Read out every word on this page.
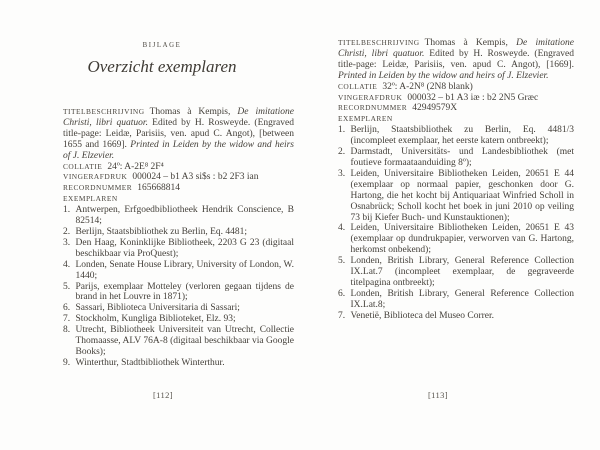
BIJLAGE
Overzicht exemplaren

TITELBESCHRIJVING Thomas à Kempis, De imitatione Christi, libri quatuor. Edited by H. Rosweyde. (Engraved title-page: Leidæ, Parisiis, ven. apud C. Angot), [between 1655 and 1669]. Printed in Leiden by the widow and heirs of J. Elzevier.

COLLATIE 24º: A-2E⁸ 2F⁴

VINGERAFDRUK 000024 – b1 A3 si$s : b2 2F3 ian

RECORDNUMMER 165668814

EXEMPLAREN

1. Antwerpen, Erfgoedbibliotheek Hendrik Conscience, B 82514;
2. Berlijn, Staatsbibliothek zu Berlin, Eq. 4481;
3. Den Haag, Koninklijke Bibliotheek, 2203 G 23 (digitaal beschikbaar via ProQuest);
4. Londen, Senate House Library, University of London, W. 1440;
5. Parijs, exemplaar Motteley (verloren gegaan tijdens de brand in het Louvre in 1871);
6. Sassari, Biblioteca Universitaria di Sassari;
7. Stockholm, Kungliga Biblioteket, Elz. 93;
8. Utrecht, Bibliotheek Universiteit van Utrecht, Collectie Thomaasse, ALV 76A-8 (digitaal beschikbaar via Google Books);
9. Winterthur, Stadtbibliothek Winterthur.

TITELBESCHRIJVING Thomas à Kempis, De imitatione Christi, libri quatuor. Edited by H. Rosweyde. (Engraved title-page: Leidæ, Parisiis, ven. apud C. Angot), [1669]. Printed in Leiden by the widow and heirs of J. Elzevier.

COLLATIE 32º: A-2N⁸ (2N8 blank)

VINGERAFDRUK 000032 – b1 A3 iæ : b2 2N5 Græc

RECORDNUMMER 42949579X

EXEMPLAREN

1. Berlijn, Staatsbibliothek zu Berlin, Eq. 4481/3 (incompleet exemplaar, het eerste katern ontbreekt);
2. Darmstadt, Universitäts- und Landesbibliothek (met foutieve formaataanduiding 8º);
3. Leiden, Universitaire Bibliotheken Leiden, 20651 E 44 (exemplaar op normaal papier, geschonken door G. Hartong, die het kocht bij Antiquariaat Winfried Scholl in Osnabrück; Scholl kocht het boek in juni 2010 op veiling 73 bij Kiefer Buch- und Kunstauktionen);
4. Leiden, Universitaire Bibliotheken Leiden, 20651 E 43 (exemplaar op dundrukpapier, verworven van G. Hartong, herkomst onbekend);
5. Londen, British Library, General Reference Collection IX.Lat.7 (incompleet exemplaar, de gegraveerde titelpagina ontbreekt);
6. Londen, British Library, General Reference Collection IX.Lat.8;
7. Venetië, Biblioteca del Museo Correr.
[112]	[113]
